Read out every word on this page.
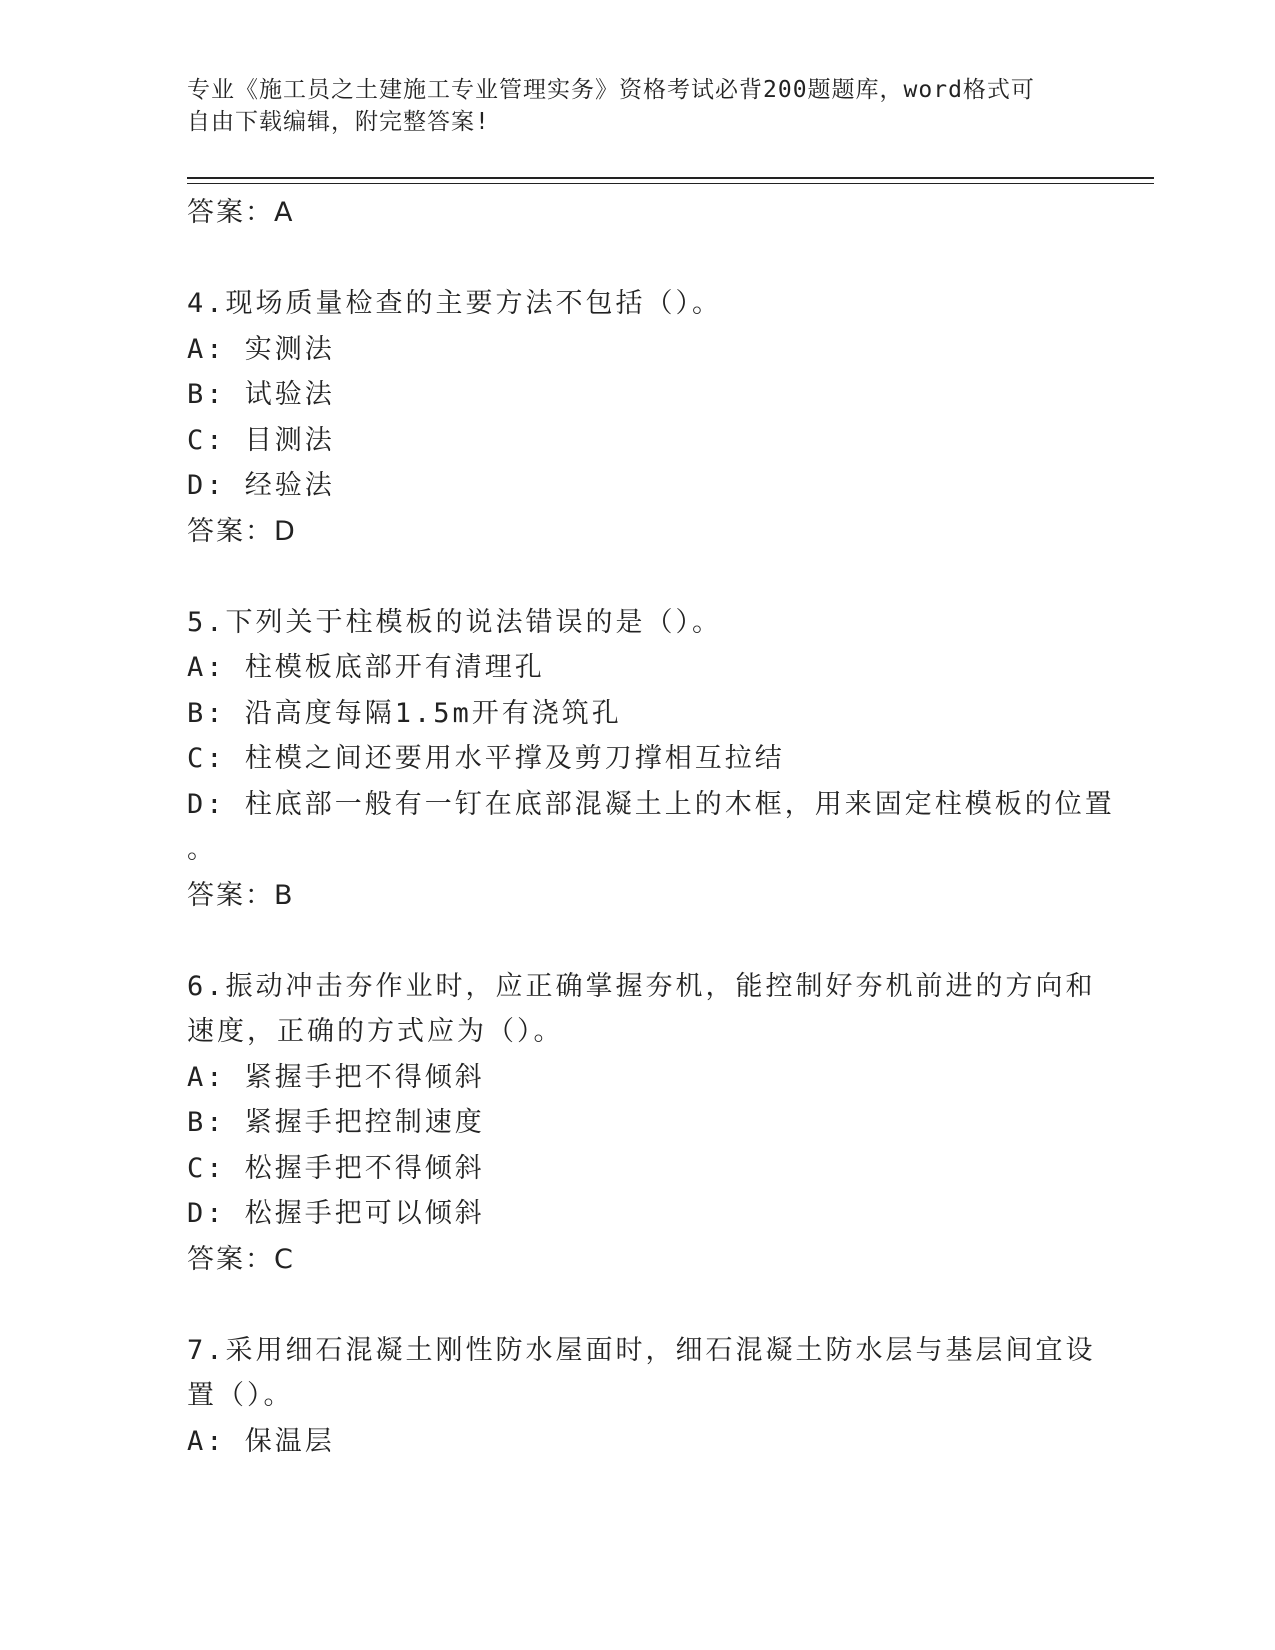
专业《施工员之土建施工专业管理实务》资格考试必背200题题库，word格式可
自由下载编辑，附完整答案!
答案：A
4.现场质量检查的主要方法不包括（）。
A: 实测法
B: 试验法
C: 目测法
D: 经验法
答案：D
5.下列关于柱模板的说法错误的是（）。
A: 柱模板底部开有清理孔
B: 沿高度每隔1.5m开有浇筑孔
C: 柱模之间还要用水平撑及剪刀撑相互拉结
D: 柱底部一般有一钉在底部混凝土上的木框，用来固定柱模板的位置
。
答案：B
6.振动冲击夯作业时，应正确掌握夯机，能控制好夯机前进的方向和
速度，正确的方式应为（）。
A: 紧握手把不得倾斜
B: 紧握手把控制速度
C: 松握手把不得倾斜
D: 松握手把可以倾斜
答案：C
7.采用细石混凝土刚性防水屋面时，细石混凝土防水层与基层间宜设
置（）。
A: 保温层
